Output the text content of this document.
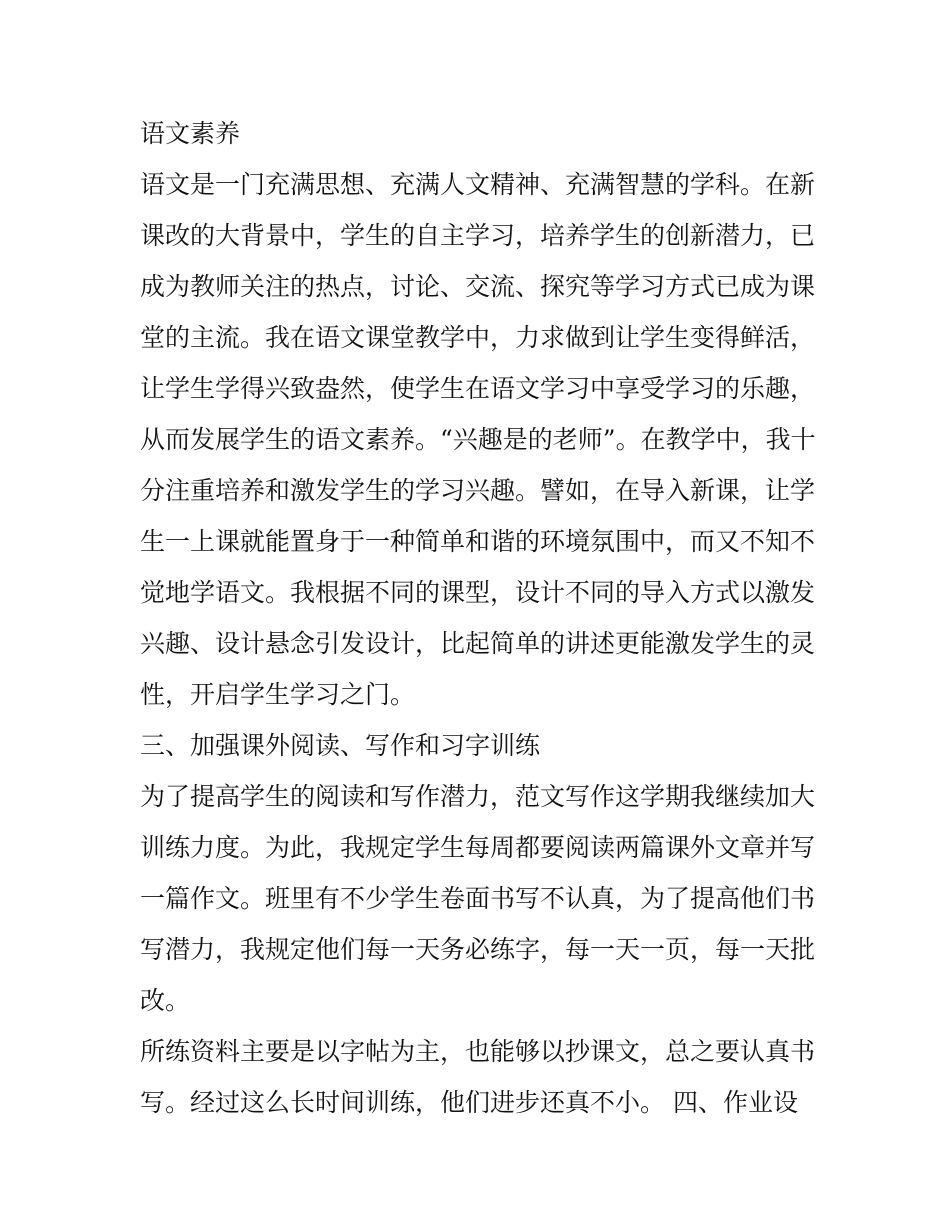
语文素养
语文是一门充满思想、充满人文精神、充满智慧的学科。在新
课改的大背景中，学生的自主学习，培养学生的创新潜力，已
成为教师关注的热点，讨论、交流、探究等学习方式已成为课
堂的主流。我在语文课堂教学中，力求做到让学生变得鲜活，
让学生学得兴致盎然，使学生在语文学习中享受学习的乐趣，
从而发展学生的语文素养。“兴趣是的老师”。在教学中，我十
分注重培养和激发学生的学习兴趣。譬如，在导入新课，让学
生一上课就能置身于一种简单和谐的环境氛围中，而又不知不
觉地学语文。我根据不同的课型，设计不同的导入方式以激发
兴趣、设计悬念引发设计，比起简单的讲述更能激发学生的灵
性，开启学生学习之门。
三、加强课外阅读、写作和习字训练
为了提高学生的阅读和写作潜力，范文写作这学期我继续加大
训练力度。为此，我规定学生每周都要阅读两篇课外文章并写
一篇作文。班里有不少学生卷面书写不认真，为了提高他们书
写潜力，我规定他们每一天务必练字，每一天一页，每一天批
改。
所练资料主要是以字帖为主，也能够以抄课文，总之要认真书
写。经过这么长时间训练，他们进步还真不小。 四、作业设
